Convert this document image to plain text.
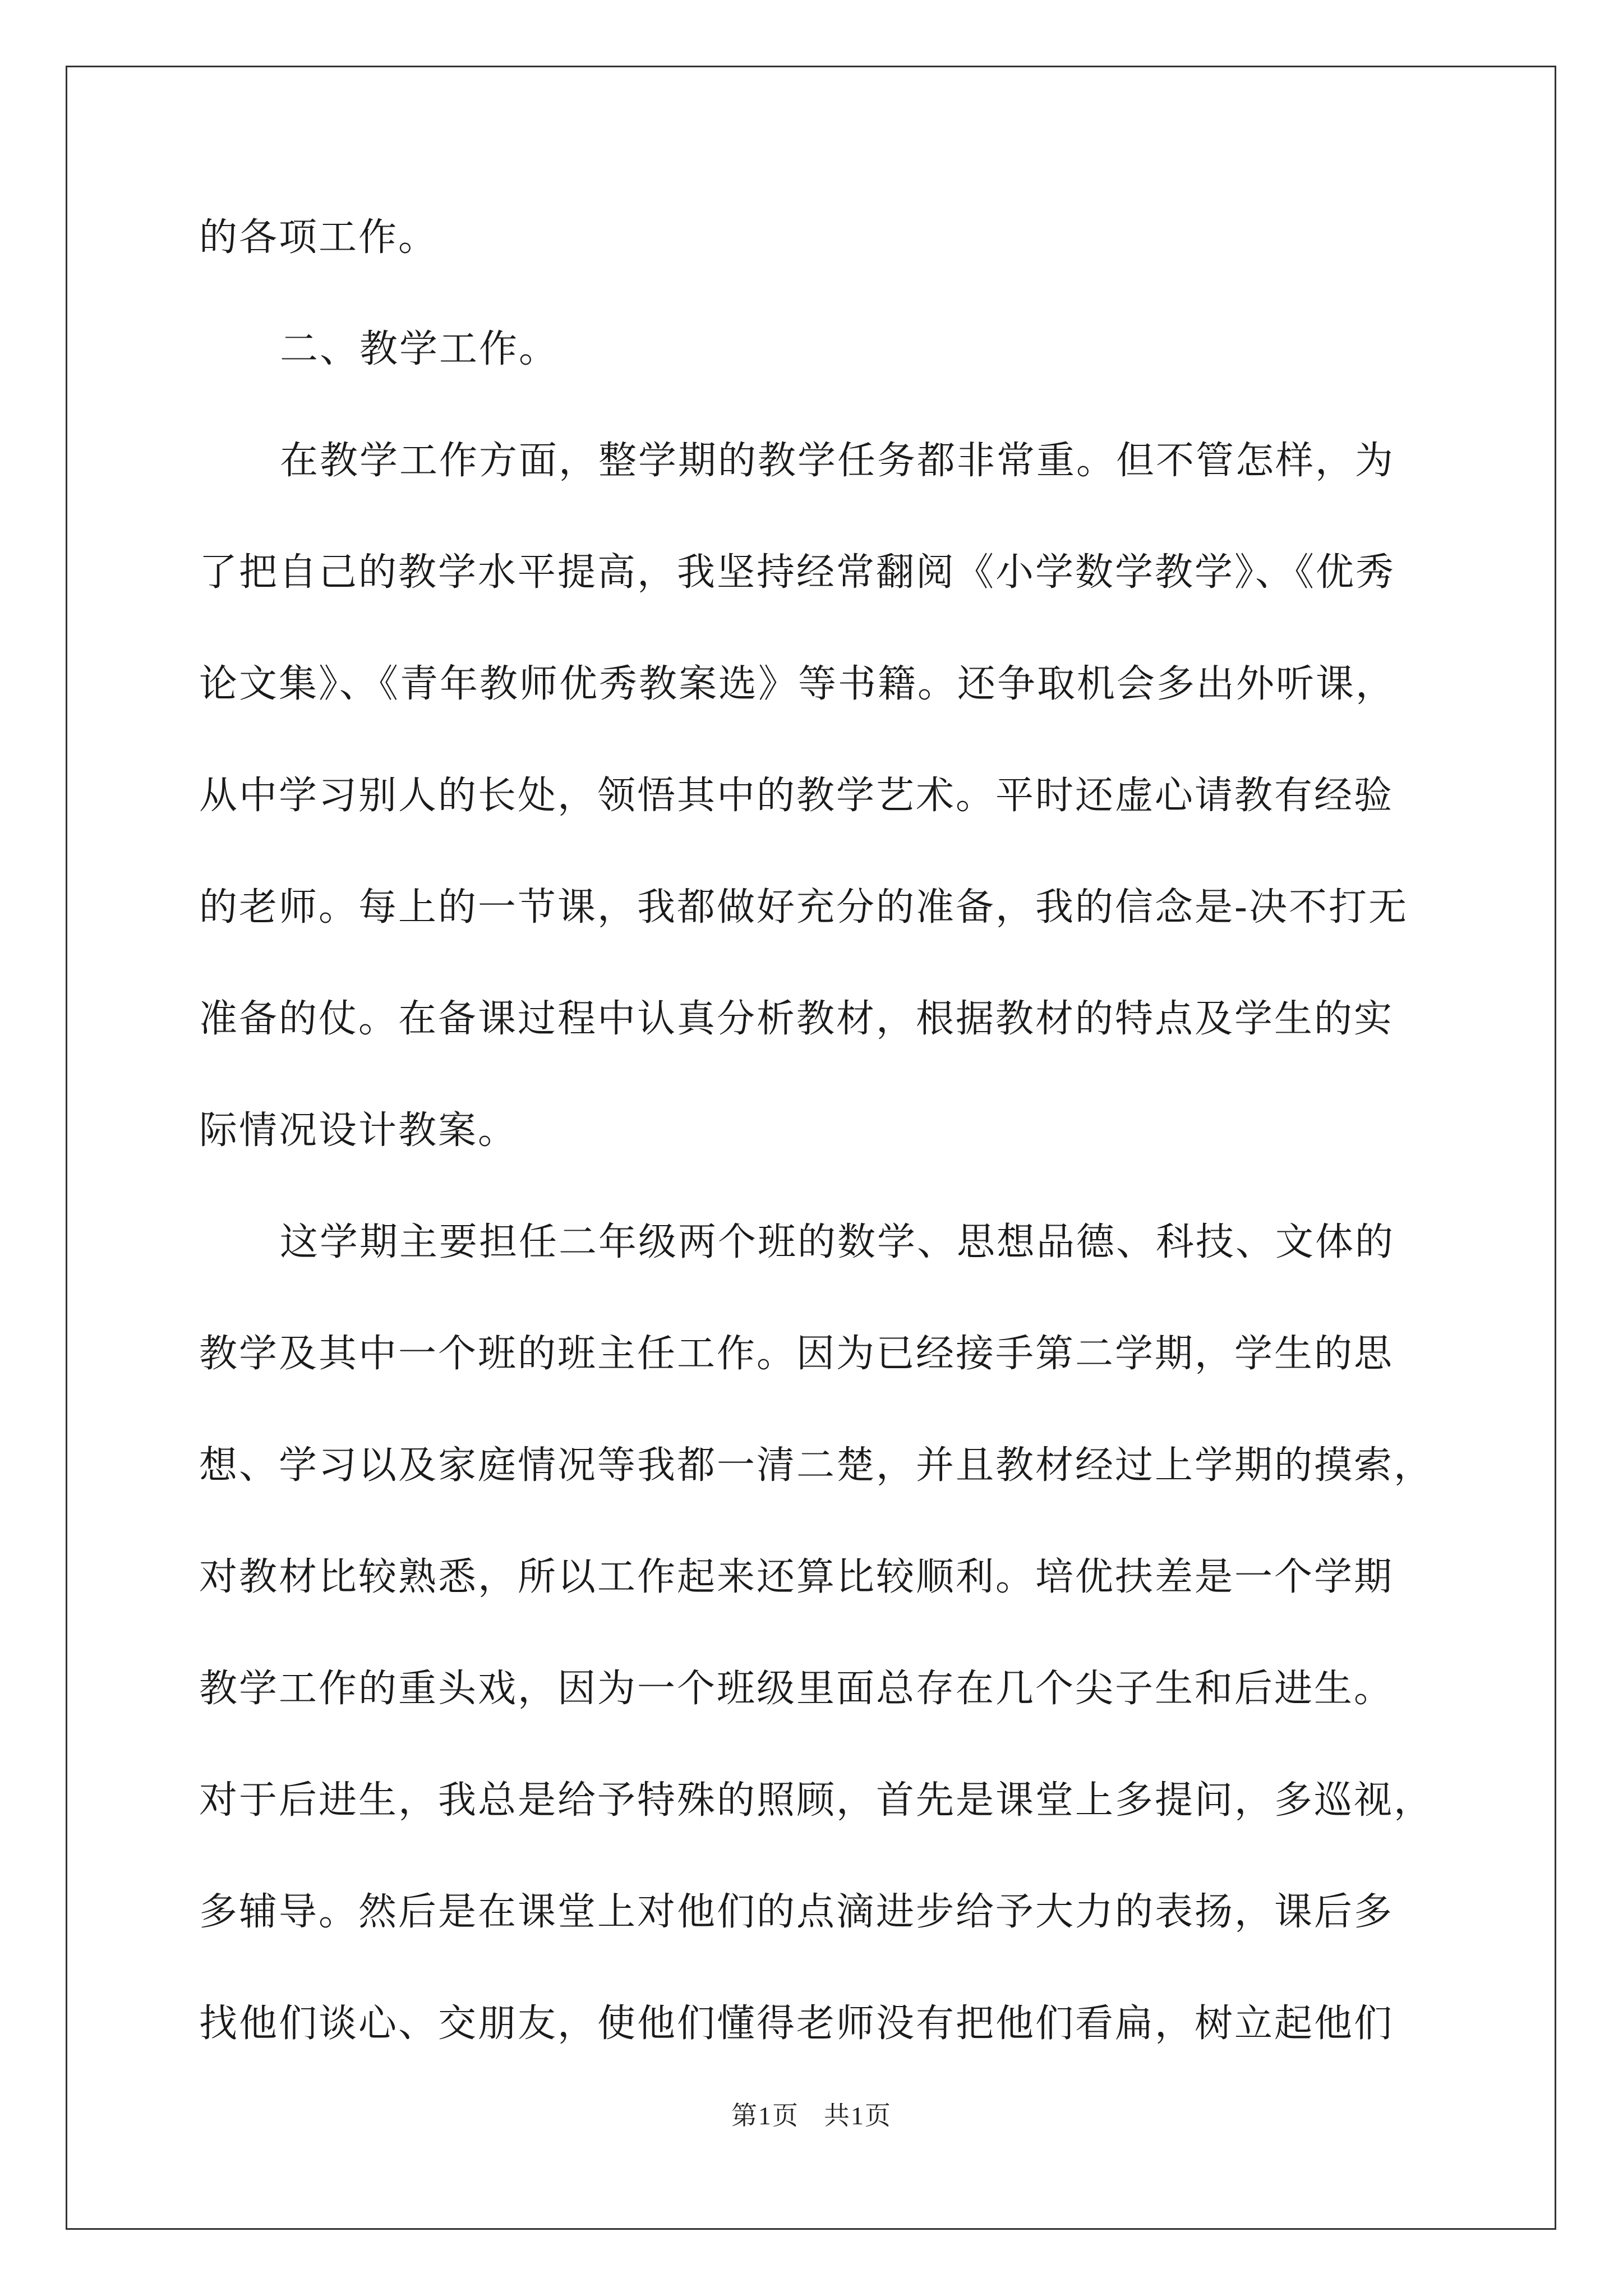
的各项工作。
二、教学工作。
在教学工作方面，整学期的教学任务都非常重。但不管怎样，为
了把自己的教学水平提高，我坚持经常翻阅《小学数学教学》、《优秀
论文集》、《青年教师优秀教案选》等书籍。还争取机会多出外听课，
从中学习别人的长处，领悟其中的教学艺术。平时还虚心请教有经验
的老师。每上的一节课，我都做好充分的准备，我的信念是-决不打无
准备的仗。在备课过程中认真分析教材，根据教材的特点及学生的实
际情况设计教案。
这学期主要担任二年级两个班的数学、思想品德、科技、文体的
教学及其中一个班的班主任工作。因为已经接手第二学期，学生的思
想、学习以及家庭情况等我都一清二楚，并且教材经过上学期的摸索，
对教材比较熟悉，所以工作起来还算比较顺利。培优扶差是一个学期
教学工作的重头戏，因为一个班级里面总存在几个尖子生和后进生。
对于后进生，我总是给予特殊的照顾，首先是课堂上多提问，多巡视，
多辅导。然后是在课堂上对他们的点滴进步给予大力的表扬，课后多
找他们谈心、交朋友，使他们懂得老师没有把他们看扁，树立起他们
第1页 共1页
